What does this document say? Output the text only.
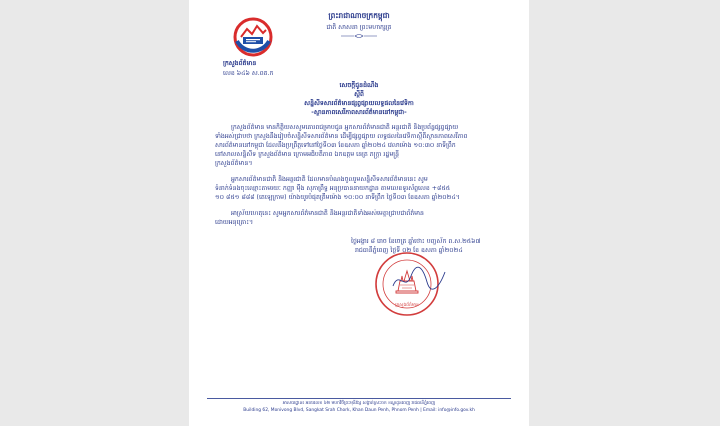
ក្រសួងព័ត៌មាន
លេខ ៦៤៦ ស.ពត.ក
ព្រះរាជាណាចក្រកម្ពុជា
ជាតិ សាសនា ព្រះមហាក្សត្រ
សេចក្តីជូនដំណឹង
ស្តីពី
សន្និសីទសារព័ត៌មានផ្សព្វផ្សាយលទ្ធផលនៃវេទិកា
-ស្ថានភាពសេរីភាពសារព័ត៌មាននៅកម្ពុជា-
ក្រសួងព័ត៌មាន មានកិត្តិយសសូមគោរពជម្រាបជូន អ្នកសារព័ត៌មានជាតិ អន្តរជាតិ និងប្រព័ន្ធផ្សព្វផ្សាយ
ទាំងអស់ជ្រាបថា ក្រសួងនឹងរៀបចំសន្និសីទសារព័ត៌មាន ដើម្បីផ្សព្វផ្សាយ លទ្ធផលនៃវេទិកាស្តីពីស្ថានភាពសេរីភាព
សារព័ត៌មាននៅកម្ពុជា ដែលនឹងប្រព្រឹត្តទៅនៅថ្ងៃទី០៣ ខែឧសភា ឆ្នាំ២០២៤ វេលាម៉ោង ១០:៣០ នាទីព្រឹក
នៅសាលសន្និសីទ ក្រសួងព័ត៌មាន ក្រោមអធិបតីភាព ឯកឧត្តម នេត្រ ភក្ត្រា រដ្ឋមន្ត្រី
ក្រសួងព័ត៌មាន។
អ្នកសារព័ត៌មានជាតិ និងអន្តរជាតិ ដែលមានបំណងចូលរួមសន្និសីទសារព័ត៌មាននេះ សូម
ទំនាក់ទំនងចុះឈ្មោះតាមរយៈ កញ្ញា ម៉ឹង សុភាព្រឹទ្ធ អនុប្រធាននាយកដ្ឋាន តាមលេខទូរស័ព្ទលេខ +៨៥៥
១០ ៨៥១ ៨៨៨ (តេឡេក្រាម) យ៉ាងយូរបំផុតត្រឹមម៉ោង ១០:០០ នាទីព្រឹក ថ្ងៃទី០៣ ខែឧសភា ឆ្នាំ២០២៤។
អាស្រ័យហេតុនេះ សូមអ្នកសារព័ត៌មានជាតិ និងអន្តរជាតិទាំងអស់មេត្តាជ្រាបជាព័ត៌មាន
ដោយអនុគ្រោះ។
ថ្ងៃអង្គារ ៨ រោច ខែចេត្រ ឆ្នាំថោះ បញ្ចស័ក ព.ស.២៥៦៧
រាជធានីភ្នំពេញ ថ្ងៃទី ០២ ខែ ឧសភា ឆ្នាំ២០២៤
ក្រសួងព័ត៌មាន
អាសយដ្ឋាន៖ អគារលេខ ៦២ មហាវិថីព្រះមុនីវង្ស សង្កាត់ស្រះចក ខណ្ឌដូនពេញ រាជធានីភ្នំពេញ
Building 62, Monivong Blvd, Sangkat Srah Chork, Khan Daun Penh, Phnom Penh | Email: info@info.gov.kh
